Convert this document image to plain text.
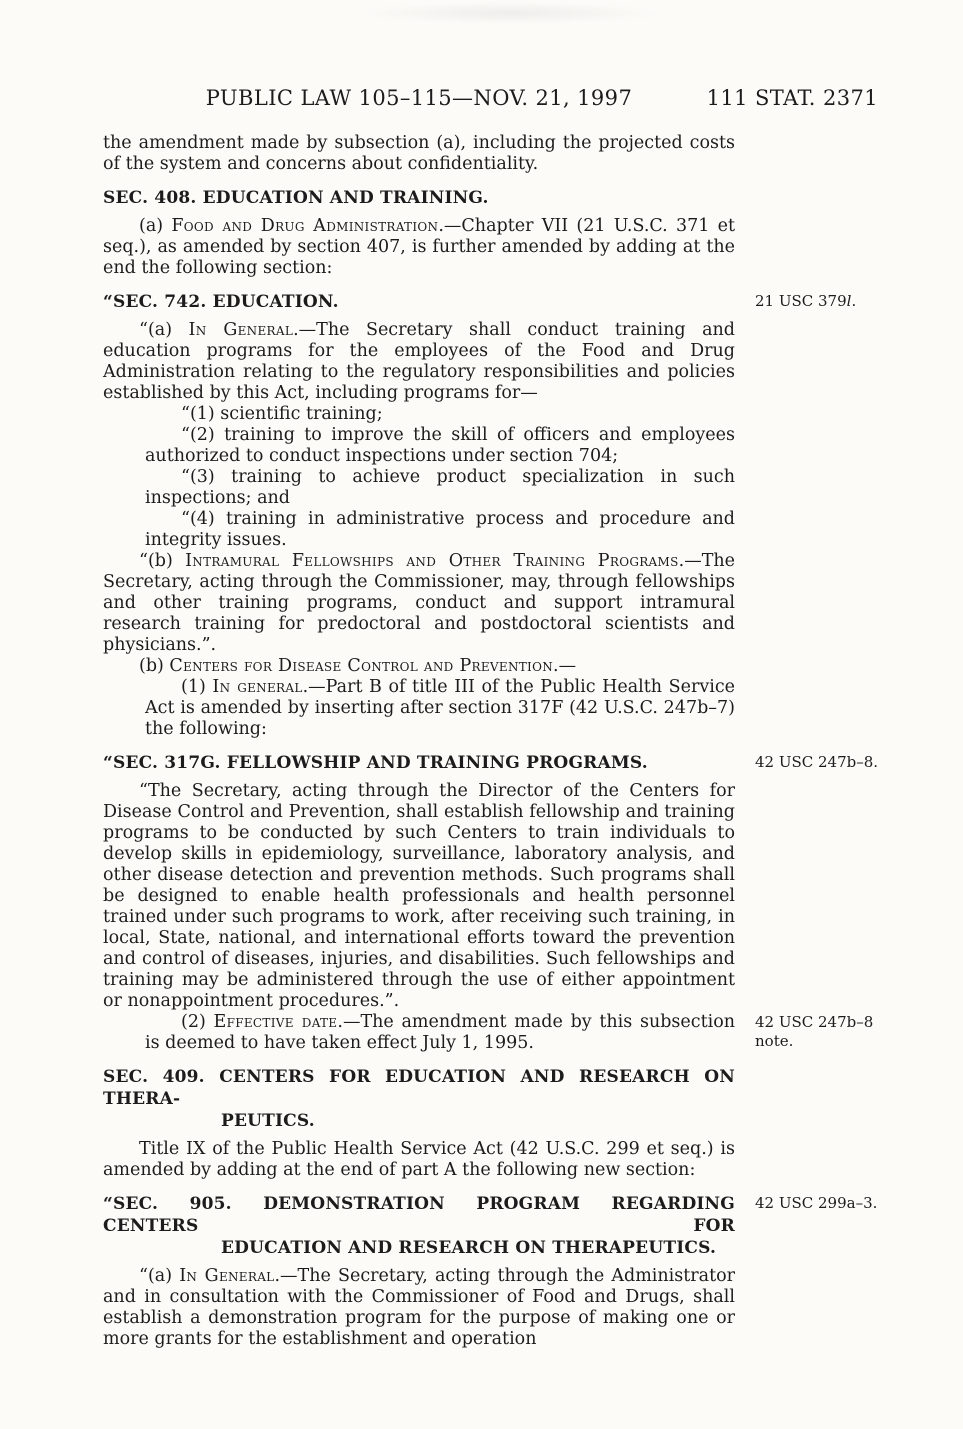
PUBLIC LAW 105–115—NOV. 21, 1997	111 STAT. 2371

the amendment made by subsection (a), including the projected costs of the system and concerns about confidentiality.

SEC. 408. EDUCATION AND TRAINING.

(a) Food and Drug Administration.—Chapter VII (21 U.S.C. 371 et seq.), as amended by section 407, is further amended by adding at the end the following section:

“SEC. 742. EDUCATION.	21 USC 379l.

“(a) In General.—The Secretary shall conduct training and education programs for the employees of the Food and Drug Administration relating to the regulatory responsibilities and policies established by this Act, including programs for—

“(1) scientific training;

“(2) training to improve the skill of officers and employees authorized to conduct inspections under section 704;

“(3) training to achieve product specialization in such inspections; and

“(4) training in administrative process and procedure and integrity issues.

“(b) Intramural Fellowships and Other Training Programs.—The Secretary, acting through the Commissioner, may, through fellowships and other training programs, conduct and support intramural research training for predoctoral and postdoctoral scientists and physicians.”.

(b) Centers for Disease Control and Prevention.—

(1) In general.—Part B of title III of the Public Health Service Act is amended by inserting after section 317F (42 U.S.C. 247b–7) the following:

“SEC. 317G. FELLOWSHIP AND TRAINING PROGRAMS.	42 USC 247b–8.

“The Secretary, acting through the Director of the Centers for Disease Control and Prevention, shall establish fellowship and training programs to be conducted by such Centers to train individuals to develop skills in epidemiology, surveillance, laboratory analysis, and other disease detection and prevention methods. Such programs shall be designed to enable health professionals and health personnel trained under such programs to work, after receiving such training, in local, State, national, and international efforts toward the prevention and control of diseases, injuries, and disabilities. Such fellowships and training may be administered through the use of either appointment or nonappointment procedures.”.

(2) Effective date.—The amendment made by this subsection is deemed to have taken effect July 1, 1995.

42 USC 247b–8 note.
SEC. 409. CENTERS FOR EDUCATION AND RESEARCH ON THERA-
PEUTICS.

Title IX of the Public Health Service Act (42 U.S.C. 299 et seq.) is amended by adding at the end of part A the following new section:

“SEC. 905. DEMONSTRATION PROGRAM REGARDING CENTERS FOR
EDUCATION AND RESEARCH ON THERAPEUTICS.
42 USC 299a–3.

“(a) In General.—The Secretary, acting through the Administrator and in consultation with the Commissioner of Food and Drugs, shall establish a demonstration program for the purpose of making one or more grants for the establishment and operation
